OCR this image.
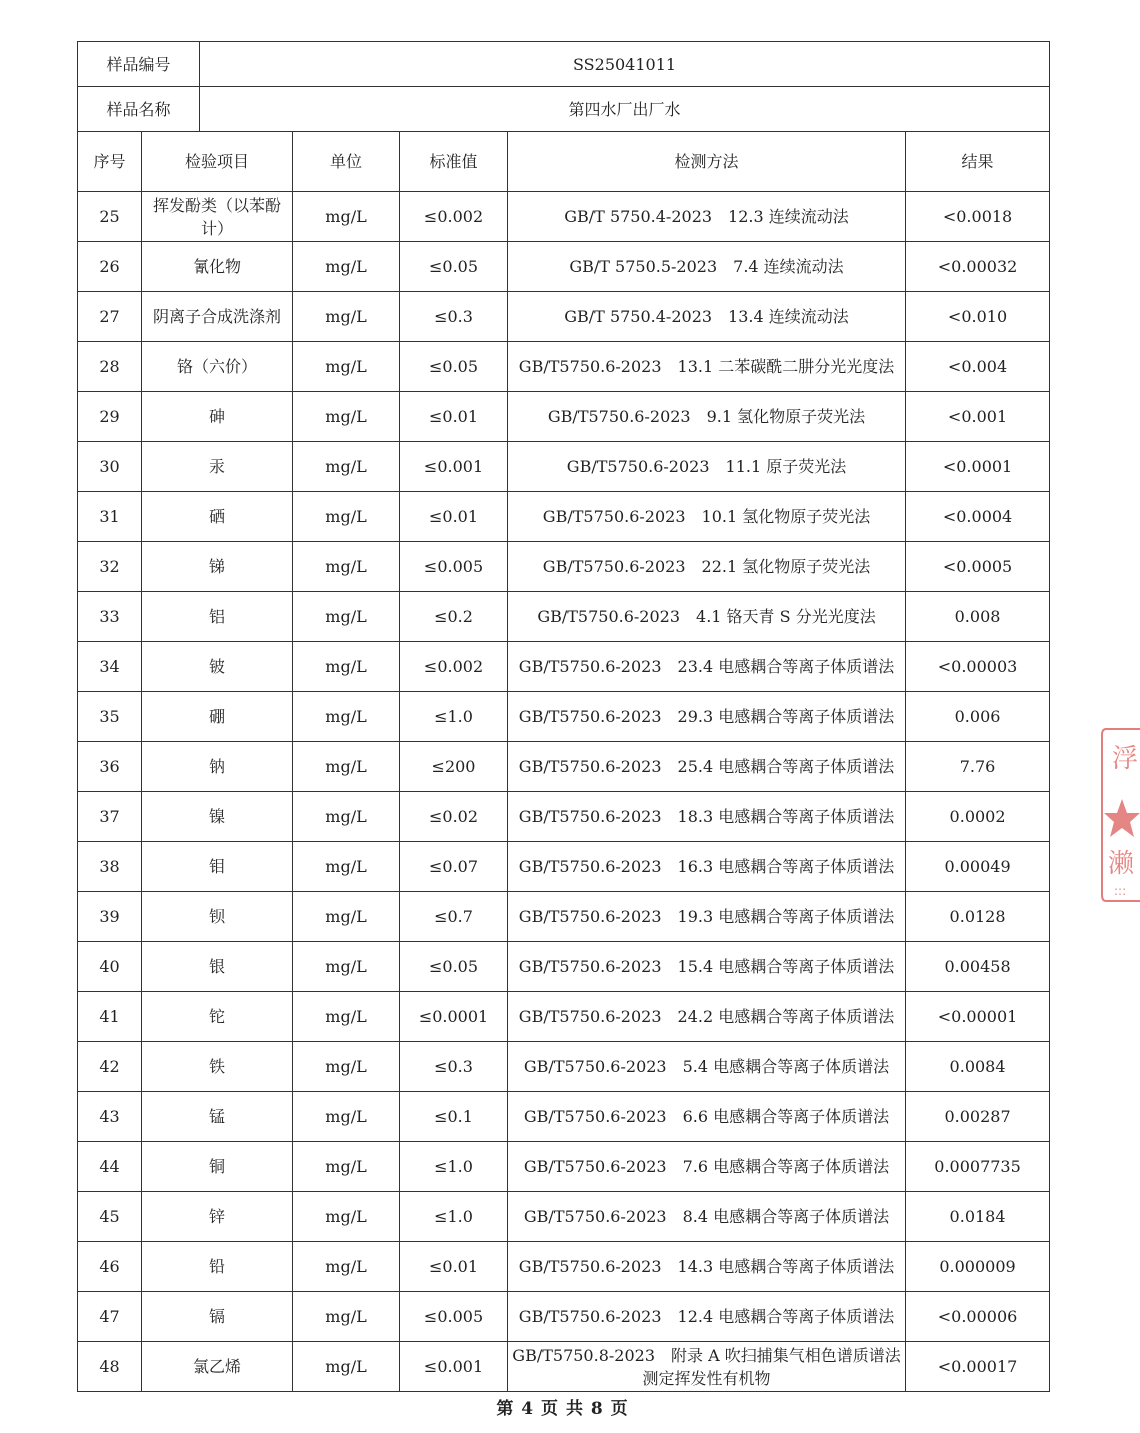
样品编号		SS25041011				
样品名称		第四水厂出厂水				
序号	检验项目		单位	标准值	检测方法	结果
25	挥发酚类（以苯酚计）		mg/L	≤0.002	GB/T 5750.4-2023　12.3 连续流动法	<0.0018
26	氰化物		mg/L	≤0.05	GB/T 5750.5-2023　7.4 连续流动法	<0.00032
27	阴离子合成洗涤剂		mg/L	≤0.3	GB/T 5750.4-2023　13.4 连续流动法	<0.010
28	铬（六价）		mg/L	≤0.05	GB/T5750.6-2023　13.1 二苯碳酰二肼分光光度法	<0.004
29	砷		mg/L	≤0.01	GB/T5750.6-2023　9.1 氢化物原子荧光法	<0.001
30	汞		mg/L	≤0.001	GB/T5750.6-2023　11.1 原子荧光法	<0.0001
31	硒		mg/L	≤0.01	GB/T5750.6-2023　10.1 氢化物原子荧光法	<0.0004
32	锑		mg/L	≤0.005	GB/T5750.6-2023　22.1 氢化物原子荧光法	<0.0005
33	铝		mg/L	≤0.2	GB/T5750.6-2023　4.1 铬天青 S 分光光度法	0.008
34	铍		mg/L	≤0.002	GB/T5750.6-2023　23.4 电感耦合等离子体质谱法	<0.00003
35	硼		mg/L	≤1.0	GB/T5750.6-2023　29.3 电感耦合等离子体质谱法	0.006
36	钠		mg/L	≤200	GB/T5750.6-2023　25.4 电感耦合等离子体质谱法	7.76
37	镍		mg/L	≤0.02	GB/T5750.6-2023　18.3 电感耦合等离子体质谱法	0.0002
38	钼		mg/L	≤0.07	GB/T5750.6-2023　16.3 电感耦合等离子体质谱法	0.00049
39	钡		mg/L	≤0.7	GB/T5750.6-2023　19.3 电感耦合等离子体质谱法	0.0128
40	银		mg/L	≤0.05	GB/T5750.6-2023　15.4 电感耦合等离子体质谱法	0.00458
41	铊		mg/L	≤0.0001	GB/T5750.6-2023　24.2 电感耦合等离子体质谱法	<0.00001
42	铁		mg/L	≤0.3	GB/T5750.6-2023　5.4 电感耦合等离子体质谱法	0.0084
43	锰		mg/L	≤0.1	GB/T5750.6-2023　6.6 电感耦合等离子体质谱法	0.00287
44	铜		mg/L	≤1.0	GB/T5750.6-2023　7.6 电感耦合等离子体质谱法	0.0007735
45	锌		mg/L	≤1.0	GB/T5750.6-2023　8.4 电感耦合等离子体质谱法	0.0184
46	铅		mg/L	≤0.01	GB/T5750.6-2023　14.3 电感耦合等离子体质谱法	0.000009
47	镉		mg/L	≤0.005	GB/T5750.6-2023　12.4 电感耦合等离子体质谱法	<0.00006
48	氯乙烯		mg/L	≤0.001	GB/T5750.8-2023　附录 A 吹扫捕集气相色谱质谱法测定挥发性有机物	<0.00017
第 4 页 共 8 页
浮
濑
:::
